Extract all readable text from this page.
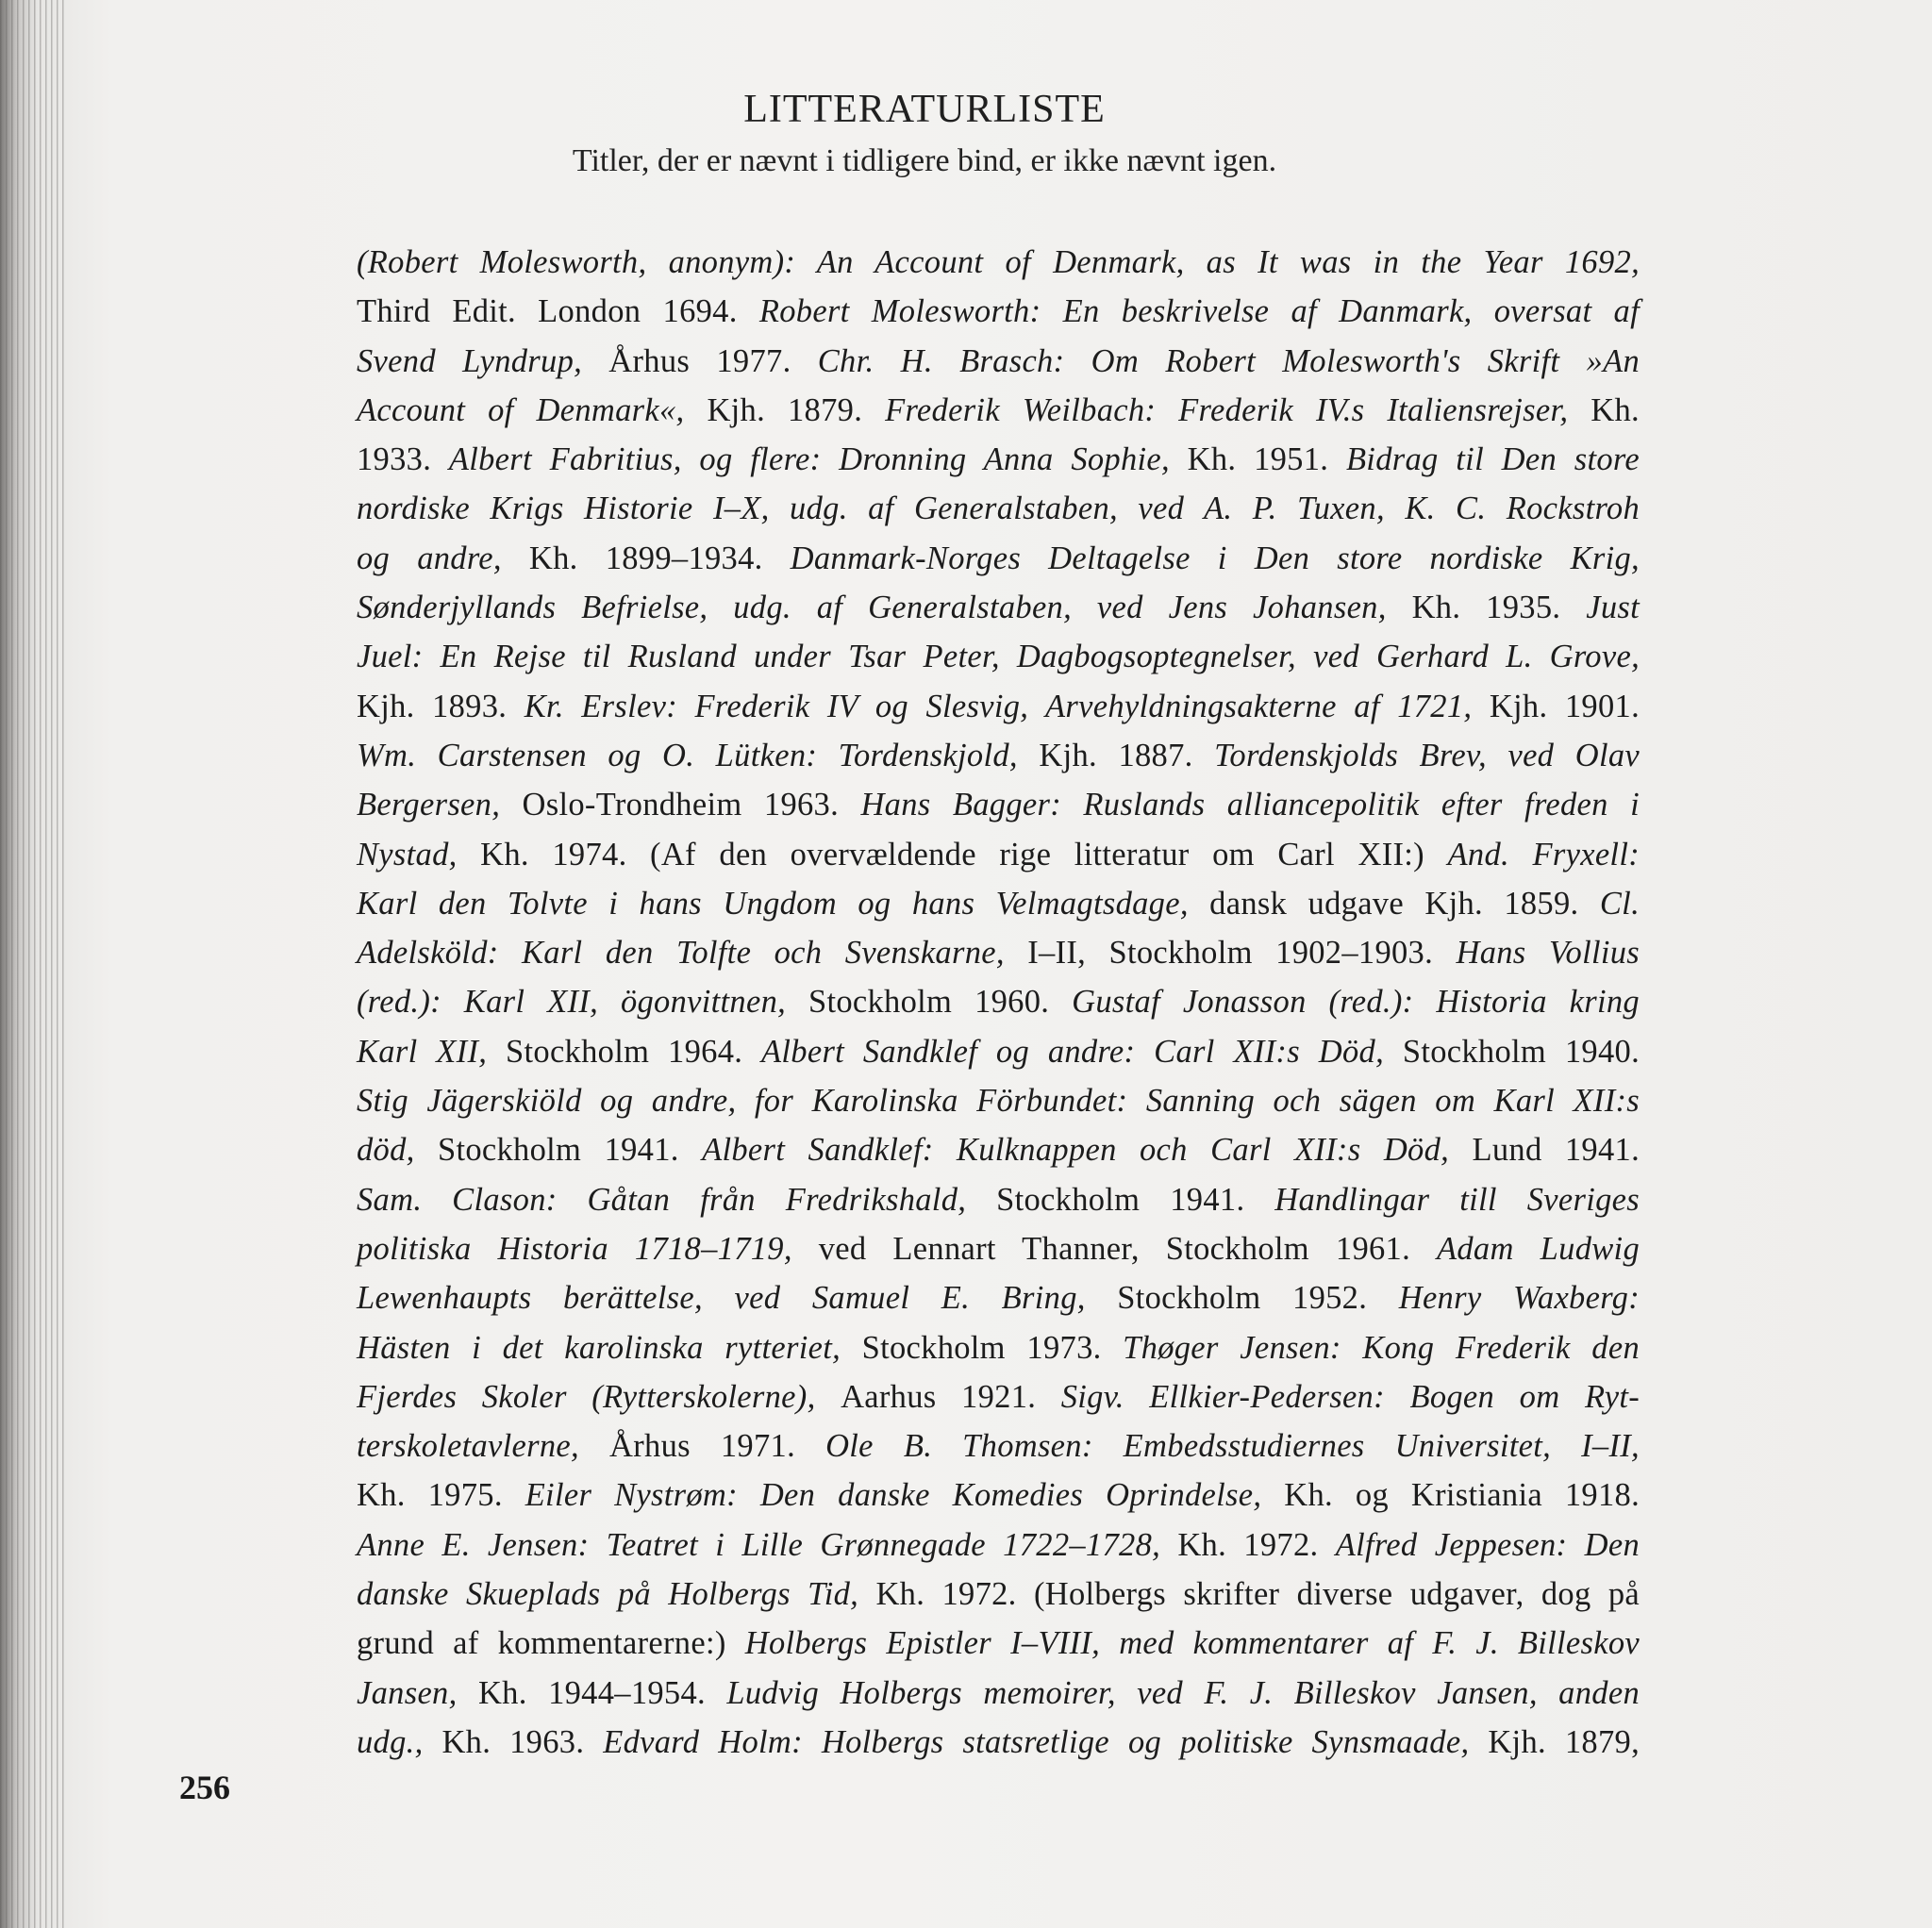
LITTERATURLISTE
Titler, der er nævnt i tidligere bind, er ikke nævnt igen.
(Robert Molesworth, anonym): An Account of Denmark, as It was in the Year 1692,
Third Edit. London 1694. Robert Molesworth: En beskrivelse af Danmark, oversat af
Svend Lyndrup, Århus 1977. Chr. H. Brasch: Om Robert Molesworth's Skrift »An
Account of Denmark«, Kjh. 1879. Frederik Weilbach: Frederik IV.s Italiensrejser, Kh.
1933. Albert Fabritius, og flere: Dronning Anna Sophie, Kh. 1951. Bidrag til Den store
nordiske Krigs Historie I–X, udg. af Generalstaben, ved A. P. Tuxen, K. C. Rockstroh
og andre, Kh. 1899–1934. Danmark-Norges Deltagelse i Den store nordiske Krig,
Sønderjyllands Befrielse, udg. af Generalstaben, ved Jens Johansen, Kh. 1935. Just
Juel: En Rejse til Rusland under Tsar Peter, Dagbogsoptegnelser, ved Gerhard L. Grove,
Kjh. 1893. Kr. Erslev: Frederik IV og Slesvig, Arvehyldningsakterne af 1721, Kjh. 1901.
Wm. Carstensen og O. Lütken: Tordenskjold, Kjh. 1887. Tordenskjolds Brev, ved Olav
Bergersen, Oslo-Trondheim 1963. Hans Bagger: Ruslands alliancepolitik efter freden i
Nystad, Kh. 1974. (Af den overvældende rige litteratur om Carl XII:) And. Fryxell:
Karl den Tolvte i hans Ungdom og hans Velmagtsdage, dansk udgave Kjh. 1859. Cl.
Adelsköld: Karl den Tolfte och Svenskarne, I–II, Stockholm 1902–1903. Hans Vollius
(red.): Karl XII, ögonvittnen, Stockholm 1960. Gustaf Jonasson (red.): Historia kring
Karl XII, Stockholm 1964. Albert Sandklef og andre: Carl XII:s Död, Stockholm 1940.
Stig Jägerskiöld og andre, for Karolinska Förbundet: Sanning och sägen om Karl XII:s
död, Stockholm 1941. Albert Sandklef: Kulknappen och Carl XII:s Död, Lund 1941.
Sam. Clason: Gåtan från Fredrikshald, Stockholm 1941. Handlingar till Sveriges
politiska Historia 1718–1719, ved Lennart Thanner, Stockholm 1961. Adam Ludwig
Lewenhaupts berättelse, ved Samuel E. Bring, Stockholm 1952. Henry Waxberg:
Hästen i det karolinska rytteriet, Stockholm 1973. Thøger Jensen: Kong Frederik den
Fjerdes Skoler (Rytterskolerne), Aarhus 1921. Sigv. Ellkier-Pedersen: Bogen om Ryt-
terskoletavlerne, Århus 1971. Ole B. Thomsen: Embedsstudiernes Universitet, I–II,
Kh. 1975. Eiler Nystrøm: Den danske Komedies Oprindelse, Kh. og Kristiania 1918.
Anne E. Jensen: Teatret i Lille Grønnegade 1722–1728, Kh. 1972. Alfred Jeppesen: Den
danske Skueplads på Holbergs Tid, Kh. 1972. (Holbergs skrifter diverse udgaver, dog på
grund af kommentarerne:) Holbergs Epistler I–VIII, med kommentarer af F. J. Billeskov
Jansen, Kh. 1944–1954. Ludvig Holbergs memoirer, ved F. J. Billeskov Jansen, anden
udg., Kh. 1963. Edvard Holm: Holbergs statsretlige og politiske Synsmaade, Kjh. 1879,
256
